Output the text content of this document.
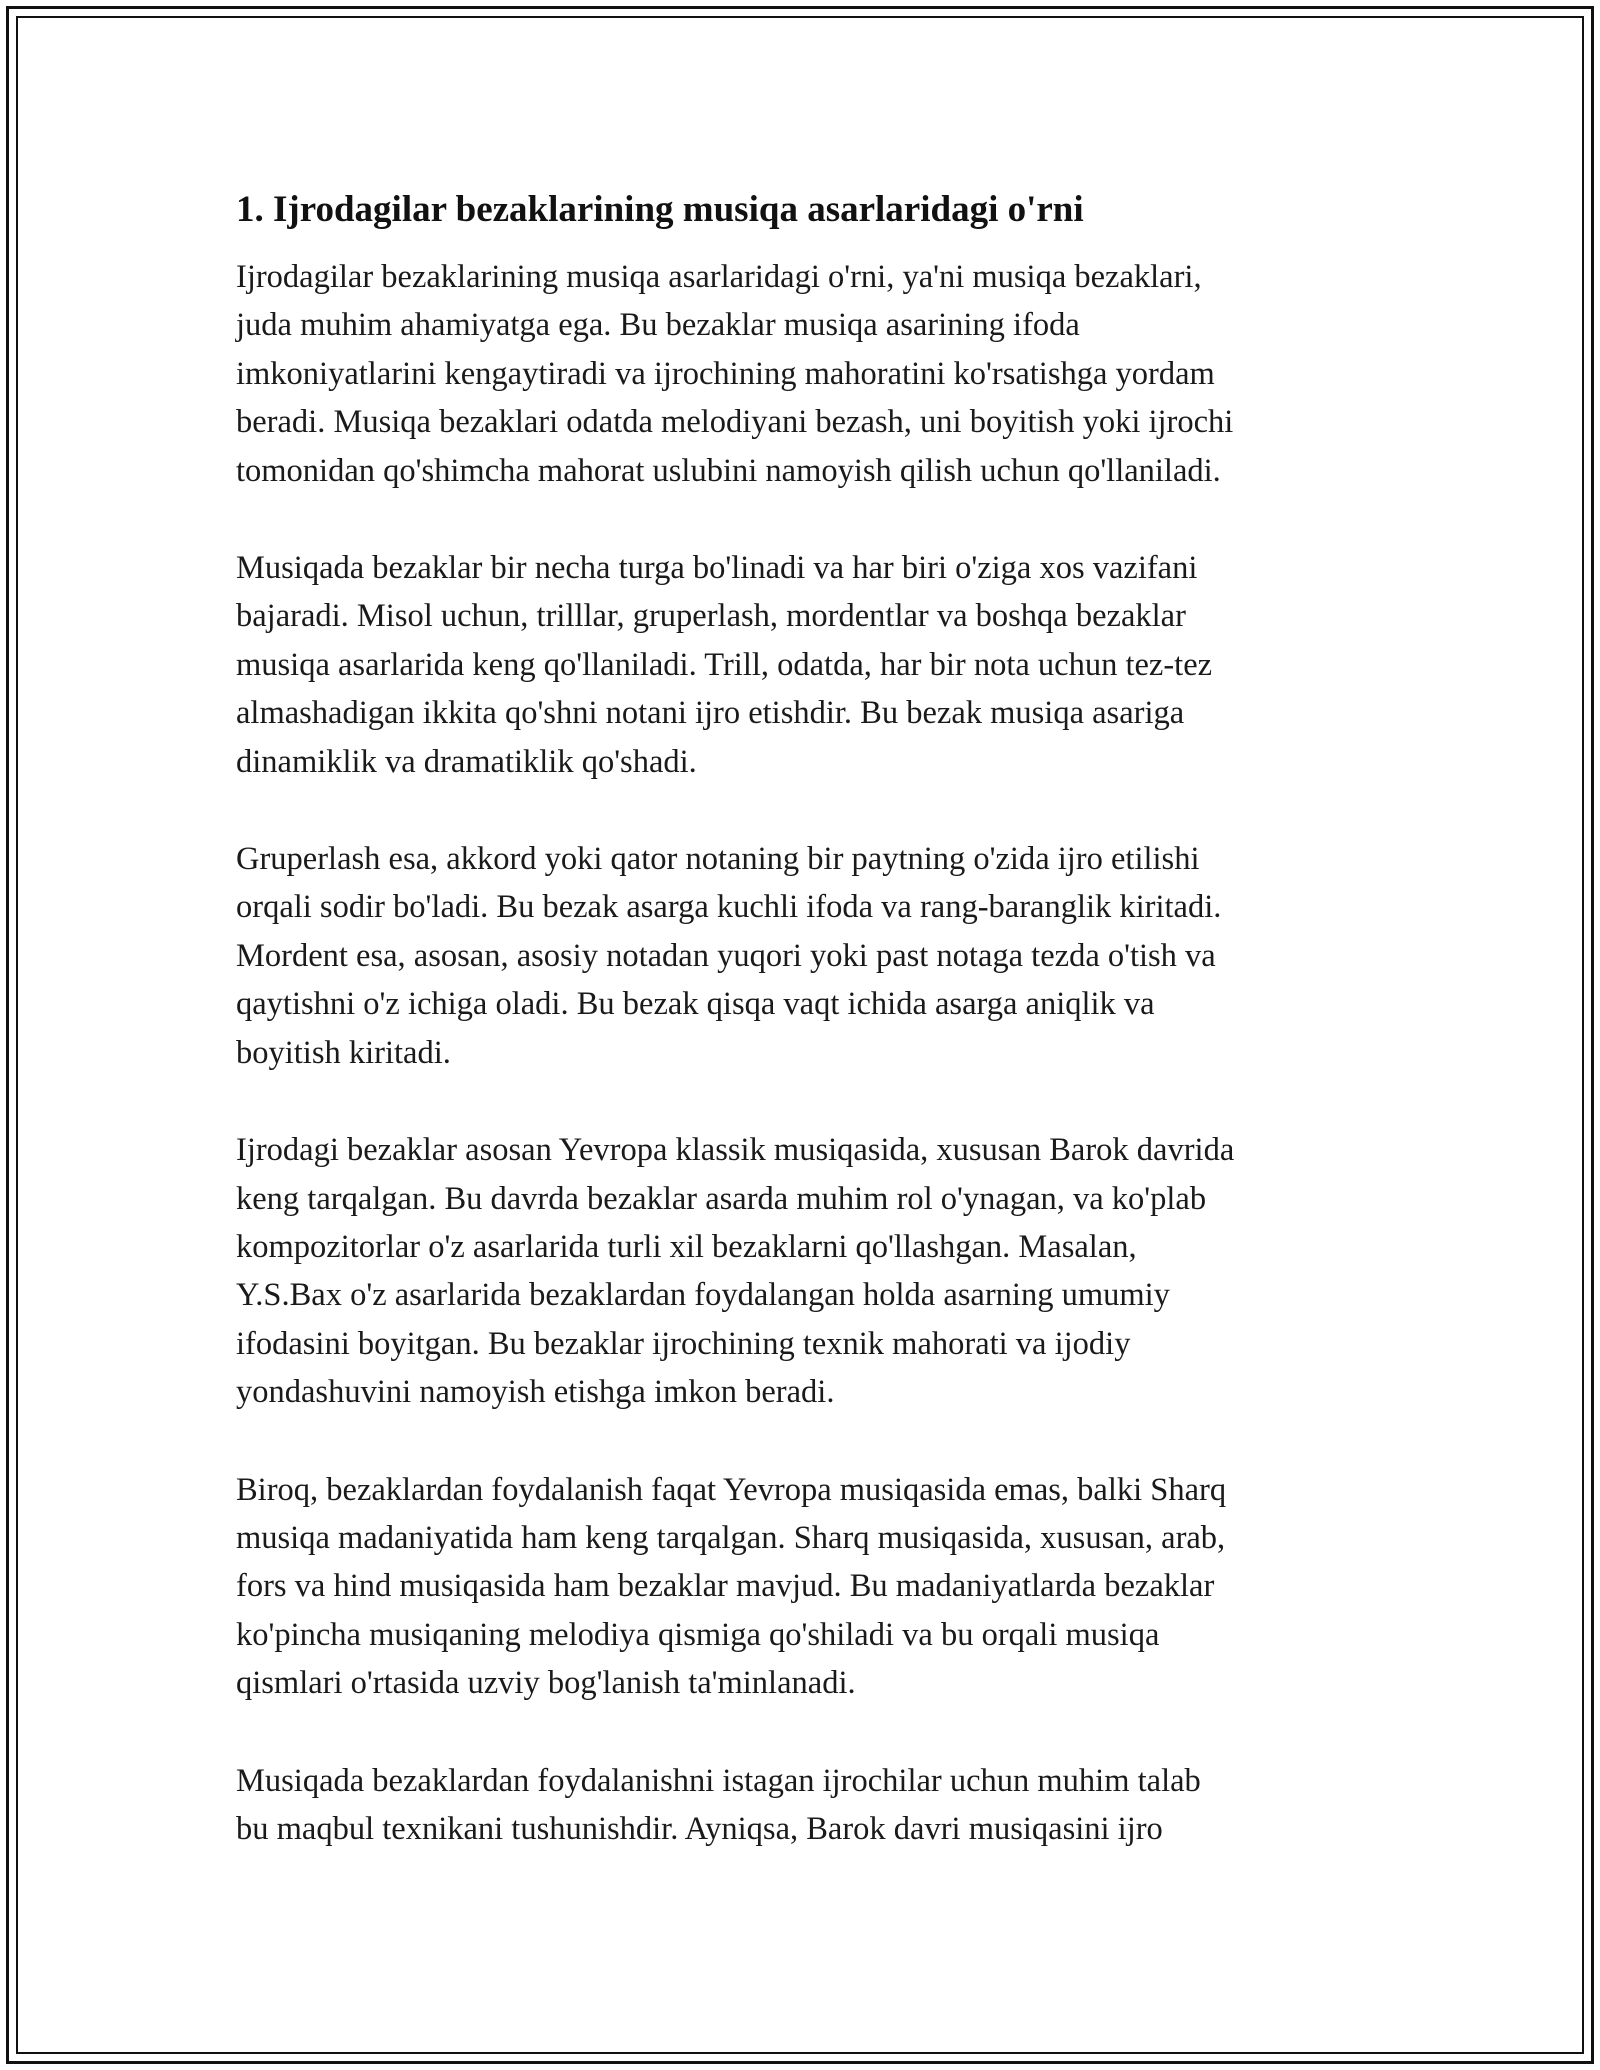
1. Ijrodagilar bezaklarining musiqa asarlaridagi o'rni
Ijrodagilar bezaklarining musiqa asarlaridagi o'rni, ya'ni musiqa bezaklari,
juda muhim ahamiyatga ega. Bu bezaklar musiqa asarining ifoda
imkoniyatlarini kengaytiradi va ijrochining mahoratini ko'rsatishga yordam
beradi. Musiqa bezaklari odatda melodiyani bezash, uni boyitish yoki ijrochi
tomonidan qo'shimcha mahorat uslubini namoyish qilish uchun qo'llaniladi.
Musiqada bezaklar bir necha turga bo'linadi va har biri o'ziga xos vazifani
bajaradi. Misol uchun, trilllar, gruperlash, mordentlar va boshqa bezaklar
musiqa asarlarida keng qo'llaniladi. Trill, odatda, har bir nota uchun tez-tez
almashadigan ikkita qo'shni notani ijro etishdir. Bu bezak musiqa asariga
dinamiklik va dramatiklik qo'shadi.
Gruperlash esa, akkord yoki qator notaning bir paytning o'zida ijro etilishi
orqali sodir bo'ladi. Bu bezak asarga kuchli ifoda va rang-baranglik kiritadi.
Mordent esa, asosan, asosiy notadan yuqori yoki past notaga tezda o'tish va
qaytishni o'z ichiga oladi. Bu bezak qisqa vaqt ichida asarga aniqlik va
boyitish kiritadi.
Ijrodagi bezaklar asosan Yevropa klassik musiqasida, xususan Barok davrida
keng tarqalgan. Bu davrda bezaklar asarda muhim rol o'ynagan, va ko'plab
kompozitorlar o'z asarlarida turli xil bezaklarni qo'llashgan. Masalan,
Y.S.Bax o'z asarlarida bezaklardan foydalangan holda asarning umumiy
ifodasini boyitgan. Bu bezaklar ijrochining texnik mahorati va ijodiy
yondashuvini namoyish etishga imkon beradi.
Biroq, bezaklardan foydalanish faqat Yevropa musiqasida emas, balki Sharq
musiqa madaniyatida ham keng tarqalgan. Sharq musiqasida, xususan, arab,
fors va hind musiqasida ham bezaklar mavjud. Bu madaniyatlarda bezaklar
ko'pincha musiqaning melodiya qismiga qo'shiladi va bu orqali musiqa
qismlari o'rtasida uzviy bog'lanish ta'minlanadi.
Musiqada bezaklardan foydalanishni istagan ijrochilar uchun muhim talab
bu maqbul texnikani tushunishdir. Ayniqsa, Barok davri musiqasini ijro
